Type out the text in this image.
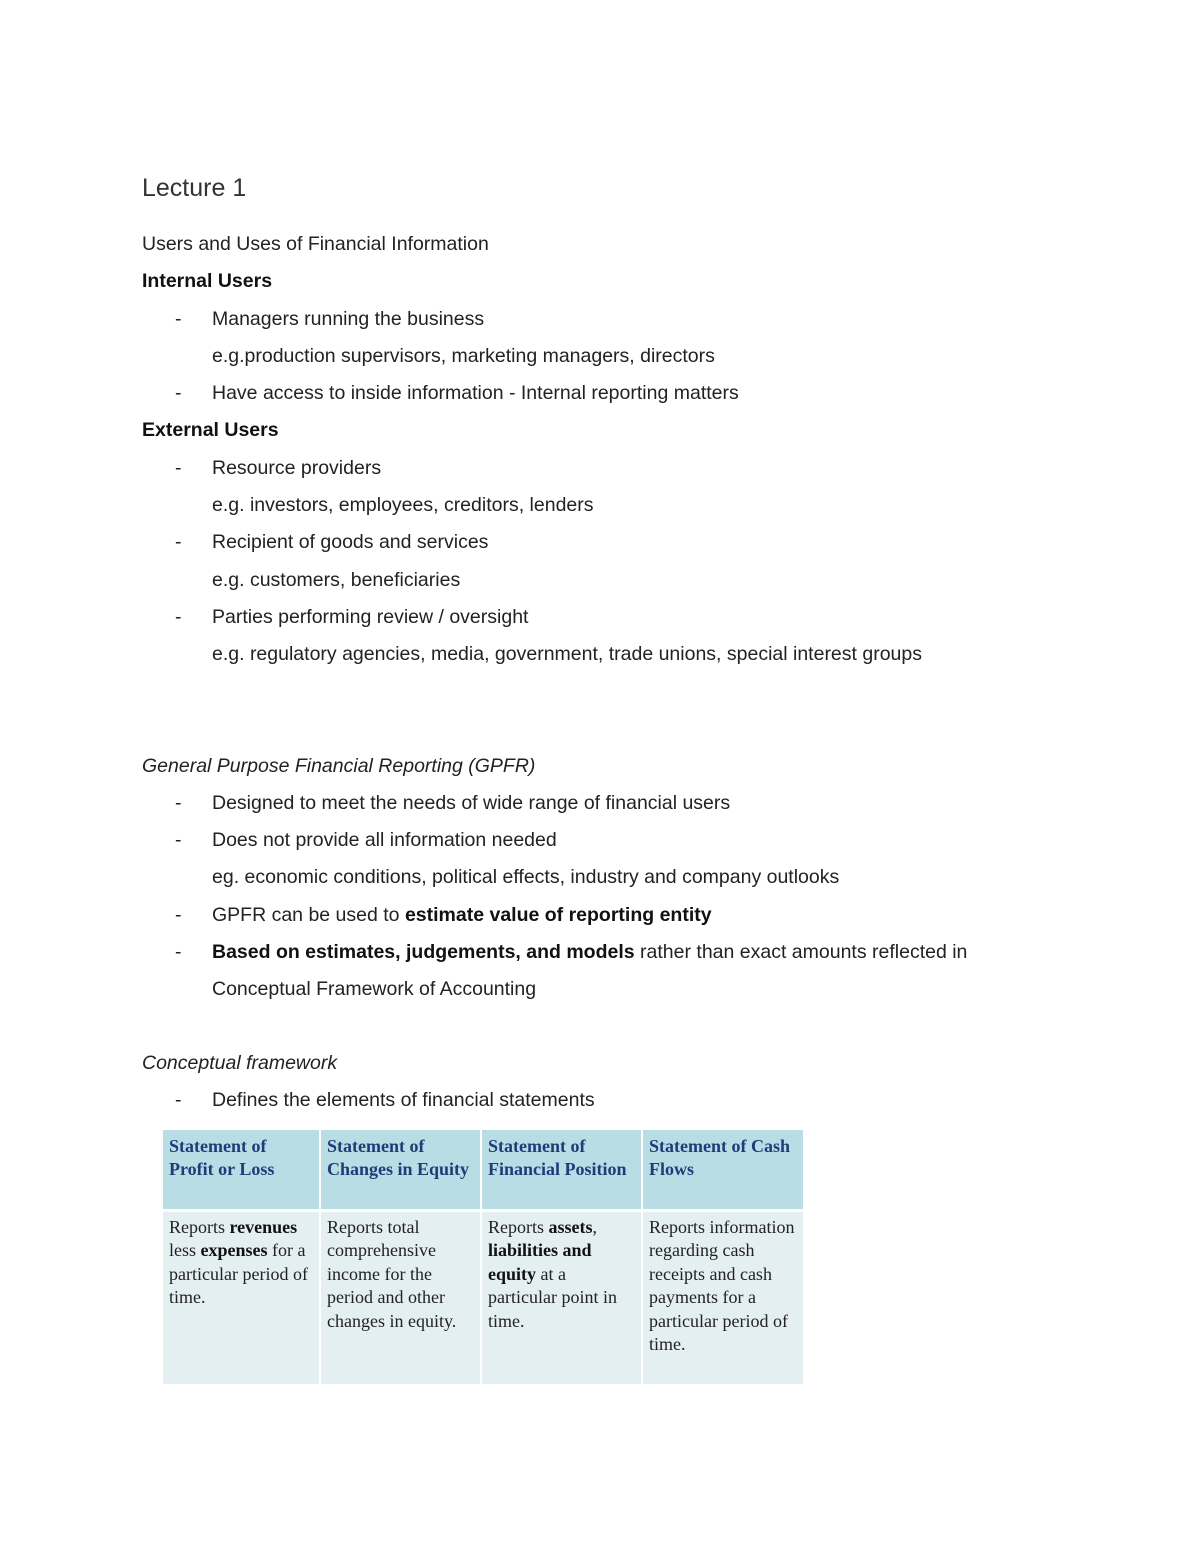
Lecture 1

Users and Uses of Financial Information

Internal Users

- Managers running the business

e.g.production supervisors, marketing managers, directors

- Have access to inside information - Internal reporting matters

External Users

- Resource providers

e.g. investors, employees, creditors, lenders

- Recipient of goods and services

e.g. customers, beneficiaries

- Parties performing review / oversight

e.g. regulatory agencies, media, government, trade unions, special interest groups

General Purpose Financial Reporting (GPFR)

- Designed to meet the needs of wide range of financial users

- Does not provide all information needed

eg. economic conditions, political effects, industry and company outlooks

- GPFR can be used to estimate value of reporting entity

- Based on estimates, judgements, and models rather than exact amounts reflected in

Conceptual Framework of Accounting

Conceptual framework

- Defines the elements of financial statements

Statement of Profit or Loss	Statement of Changes in Equity	Statement of Financial Position	Statement of Cash Flows
Reports revenues less expenses for a particular period of time.	Reports total comprehensive income for the period and other changes in equity.	Reports assets, liabilities and equity at a particular point in time.	Reports information regarding cash receipts and cash payments for a particular period of time.
